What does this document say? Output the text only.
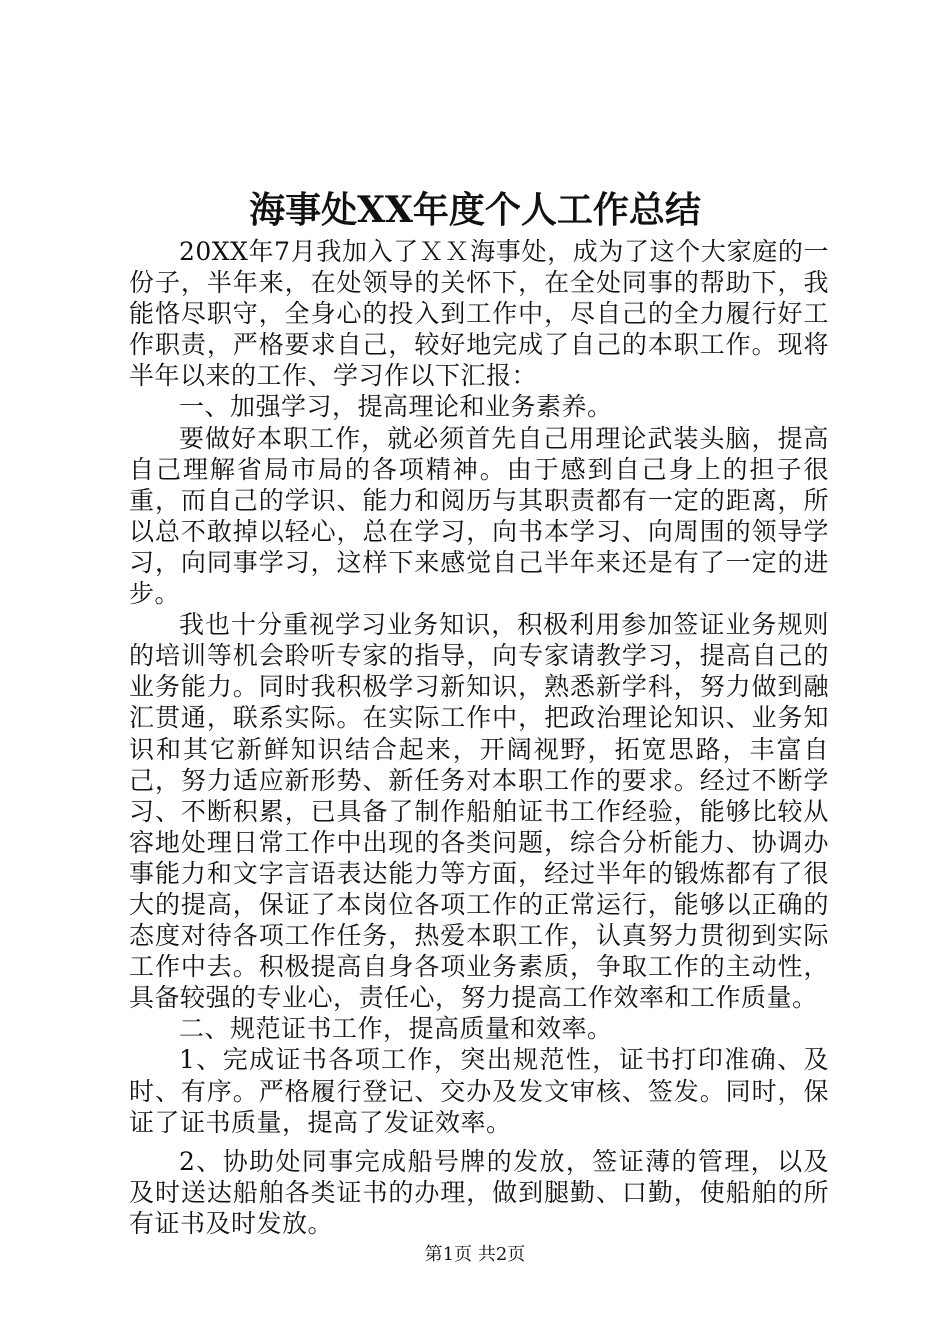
海事处XX年度个人工作总结

20XX年7月我加入了ＸＸ海事处，成为了这个大家庭的一份子，半年来，在处领导的关怀下，在全处同事的帮助下，我能恪尽职守，全身心的投入到工作中，尽自己的全力履行好工作职责，严格要求自己，较好地完成了自己的本职工作。现将半年以来的工作、学习作以下汇报：

一、加强学习，提高理论和业务素养。

要做好本职工作，就必须首先自己用理论武装头脑，提高自己理解省局市局的各项精神。由于感到自己身上的担子很重，而自己的学识、能力和阅历与其职责都有一定的距离，所以总不敢掉以轻心，总在学习，向书本学习、向周围的领导学习，向同事学习，这样下来感觉自己半年来还是有了一定的进步。

我也十分重视学习业务知识，积极利用参加签证业务规则的培训等机会聆听专家的指导，向专家请教学习，提高自己的业务能力。同时我积极学习新知识，熟悉新学科，努力做到融汇贯通，联系实际。在实际工作中，把政治理论知识、业务知识和其它新鲜知识结合起来，开阔视野，拓宽思路，丰富自己，努力适应新形势、新任务对本职工作的要求。经过不断学习、不断积累，已具备了制作船舶证书工作经验，能够比较从容地处理日常工作中出现的各类问题，综合分析能力、协调办事能力和文字言语表达能力等方面，经过半年的锻炼都有了很大的提高，保证了本岗位各项工作的正常运行，能够以正确的态度对待各项工作任务，热爱本职工作，认真努力贯彻到实际工作中去。积极提高自身各项业务素质，争取工作的主动性，具备较强的专业心，责任心，努力提高工作效率和工作质量。

二、规范证书工作，提高质量和效率。

1、完成证书各项工作，突出规范性，证书打印准确、及时、有序。严格履行登记、交办及发文审核、签发。同时，保证了证书质量，提高了发证效率。

2、协助处同事完成船号牌的发放，签证薄的管理，以及及时送达船舶各类证书的办理，做到腿勤、口勤，使船舶的所有证书及时发放。

第1页 共2页
